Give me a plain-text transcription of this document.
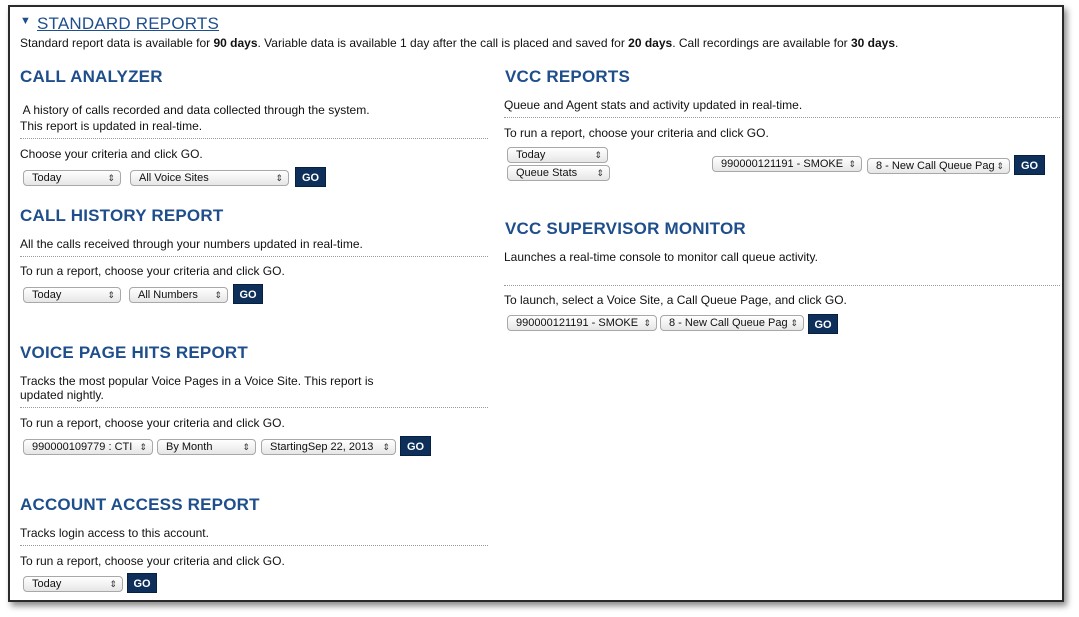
▼ STANDARD REPORTS
Standard report data is available for 90 days. Variable data is available 1 day after the call is placed and saved for 20 days. Call recordings are available for 30 days.
CALL ANALYZER
A history of calls recorded and data collected through the system.
This report is updated in real-time.
Choose your criteria and click GO.
Today	⇕	All Voice Sites	⇕	GO
CALL HISTORY REPORT
All the calls received through your numbers updated in real-time.
To run a report, choose your criteria and click GO.
Today	⇕	All Numbers ⇕	GO
VOICE PAGE HITS REPORT
Tracks the most popular Voice Pages in a Voice Site. This report is
updated nightly.
To run a report, choose your criteria and click GO.
990000109779 : CTI ⇕	By Month	⇕	StartingSep 22, 2013 ⇕	GO
ACCOUNT ACCESS REPORT
Tracks login access to this account.
To run a report, choose your criteria and click GO.
Today	⇕	GO
VCC REPORTS
Queue and Agent stats and activity updated in real-time.
To run a report, choose your criteria and click GO.
Today	⇕
Queue Stats ⇕
990000121191 - SMOKE ⇕	8 - New Call Queue Pag ⇕	GO
VCC SUPERVISOR MONITOR
Launches a real-time console to monitor call queue activity.
To launch, select a Voice Site, a Call Queue Page, and click GO.
990000121191 - SMOKE ⇕	8 - New Call Queue Pag ⇕	GO
